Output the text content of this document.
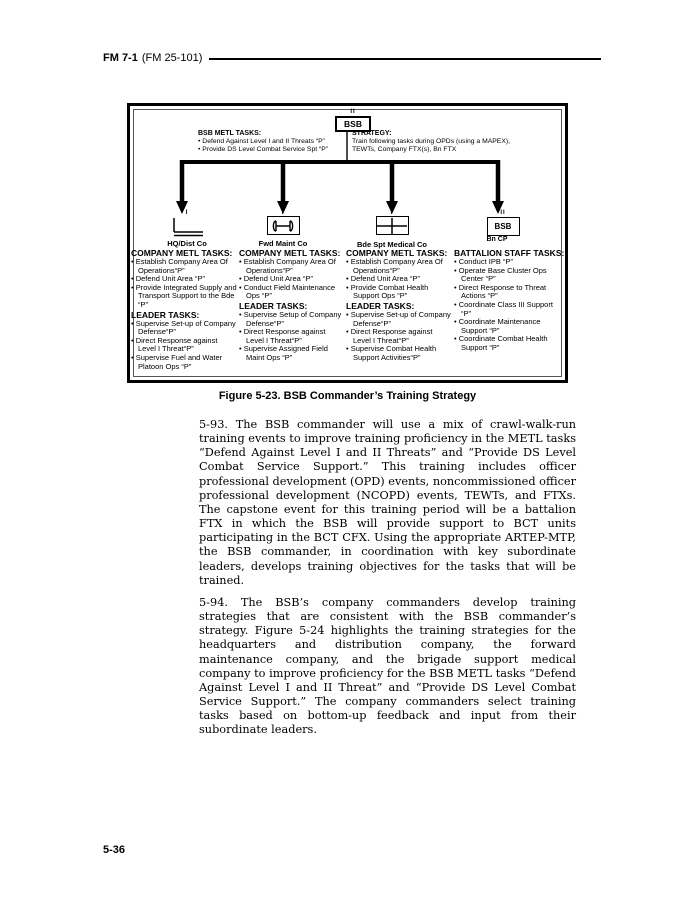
FM 7-1 (FM 25-101)
II
BSB
BSB METL TASKS:
• Defend Against Level I and II Threats “P”
• Provide DS Level Combat Service Spt “P”
STRATEGY:
Train following tasks during OPDs (using a MAPEX),
TEWTs, Company FTX(s), Bn FTX
I
HQ/Dist Co
I
Fwd Maint Co
I
Bde Spt Medical Co
II
BSB
Bn CP
COMPANY METL TASKS:
• Establish Company Area Of Operations“P”
• Defend Unit Area “P”
• Provide Integrated Supply and Transport Support to the Bde “P”
LEADER TASKS:
• Supervise Set-up of Company Defense“P”
• Direct Response against Level I Threat“P”
• Supervise Fuel and Water Platoon Ops “P”
COMPANY METL TASKS:
• Establish Company Area Of Operations“P”
• Defend Unit Area “P”
• Conduct Field Maintenance Ops “P”
LEADER TASKS:
• Supervise Setup of Company Defense“P”
• Direct Response against Level I Threat“P”
• Supervise Assigned Field Maint Ops “P”
COMPANY METL TASKS:
• Establish Company Area Of Operations“P”
• Defend Unit Area “P”
• Provide Combat Health Support Ops “P”
LEADER TASKS:
• Supervise Set-up of Company Defense“P”
• Direct Response against Level I Threat“P”
• Supervise Combat Health Support Activities“P”
BATTALION STAFF TASKS:
• Conduct IPB “P”
• Operate Base Cluster Ops Center “P”
• Direct Response to Threat Actions “P”
• Coordinate Class III Support “P”
• Coordinate Maintenance Support “P”
• Coordinate Combat Health Support “P”
Figure 5-23. BSB Commander’s Training Strategy

5-93. The BSB commander will use a mix of crawl-walk-run training events to improve training proficiency in the METL tasks “Defend Against Level I and II Threats” and “Provide DS Level Combat Service Support.” This training includes officer professional development (OPD) events, noncommissioned officer professional development (NCOPD) events, TEWTs, and FTXs. The capstone event for this training period will be a battalion FTX in which the BSB will provide support to BCT units participating in the BCT CFX. Using the appropriate ARTEP-MTP, the BSB commander, in coordination with key subordinate leaders, develops training objectives for the tasks that will be trained.

5-94. The BSB’s company commanders develop training strategies that are consistent with the BSB commander’s strategy. Figure 5-24 highlights the training strategies for the headquarters and distribution company, the forward maintenance company, and the brigade support medical company to improve proficiency for the BSB METL tasks “Defend Against Level I and II Threat” and “Provide DS Level Combat Service Support.” The company commanders select training tasks based on bottom-up feedback and input from their subordinate leaders.

5-36
